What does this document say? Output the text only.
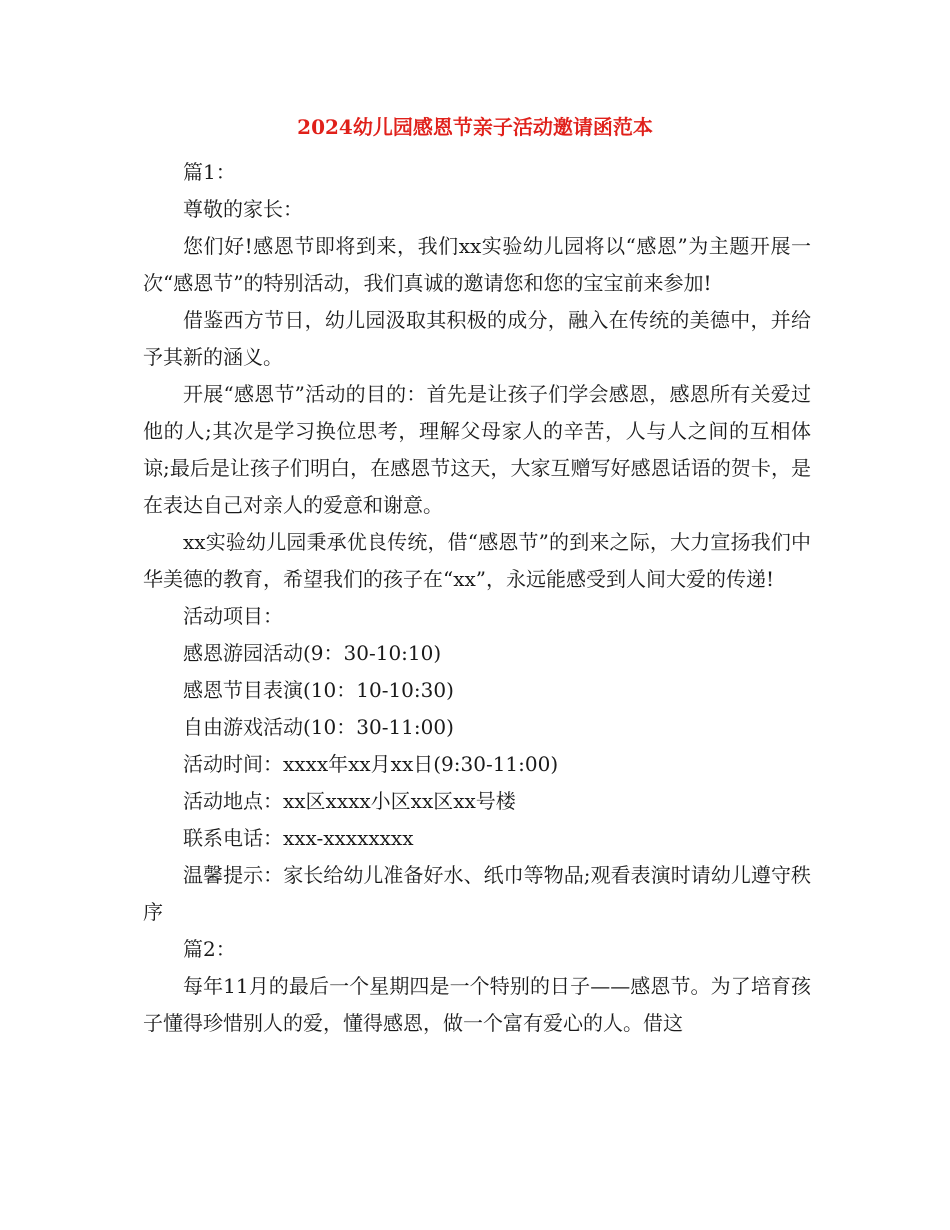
2024幼儿园感恩节亲子活动邀请函范本

篇1：

尊敬的家长：

您们好!感恩节即将到来，我们xx实验幼儿园将以“感恩”为主题开展一次“感恩节”的特别活动，我们真诚的邀请您和您的宝宝前来参加!

借鉴西方节日，幼儿园汲取其积极的成分，融入在传统的美德中，并给予其新的涵义。

开展“感恩节”活动的目的：首先是让孩子们学会感恩，感恩所有关爱过他的人;其次是学习换位思考，理解父母家人的辛苦，人与人之间的互相体谅;最后是让孩子们明白，在感恩节这天，大家互赠写好感恩话语的贺卡，是在表达自己对亲人的爱意和谢意。

xx实验幼儿园秉承优良传统，借“感恩节”的到来之际，大力宣扬我们中华美德的教育，希望我们的孩子在“xx”，永远能感受到人间大爱的传递!

活动项目：

感恩游园活动(9：30-10:10)

感恩节目表演(10：10-10:30)

自由游戏活动(10：30-11:00)

活动时间：xxxx年xx月xx日(9:30-11:00)

活动地点：xx区xxxx小区xx区xx号楼

联系电话：xxx-xxxxxxxx

温馨提示：家长给幼儿准备好水、纸巾等物品;观看表演时请幼儿遵守秩序

篇2：

每年11月的最后一个星期四是一个特别的日子——感恩节。为了培育孩子懂得珍惜别人的爱，懂得感恩，做一个富有爱心的人。借这
